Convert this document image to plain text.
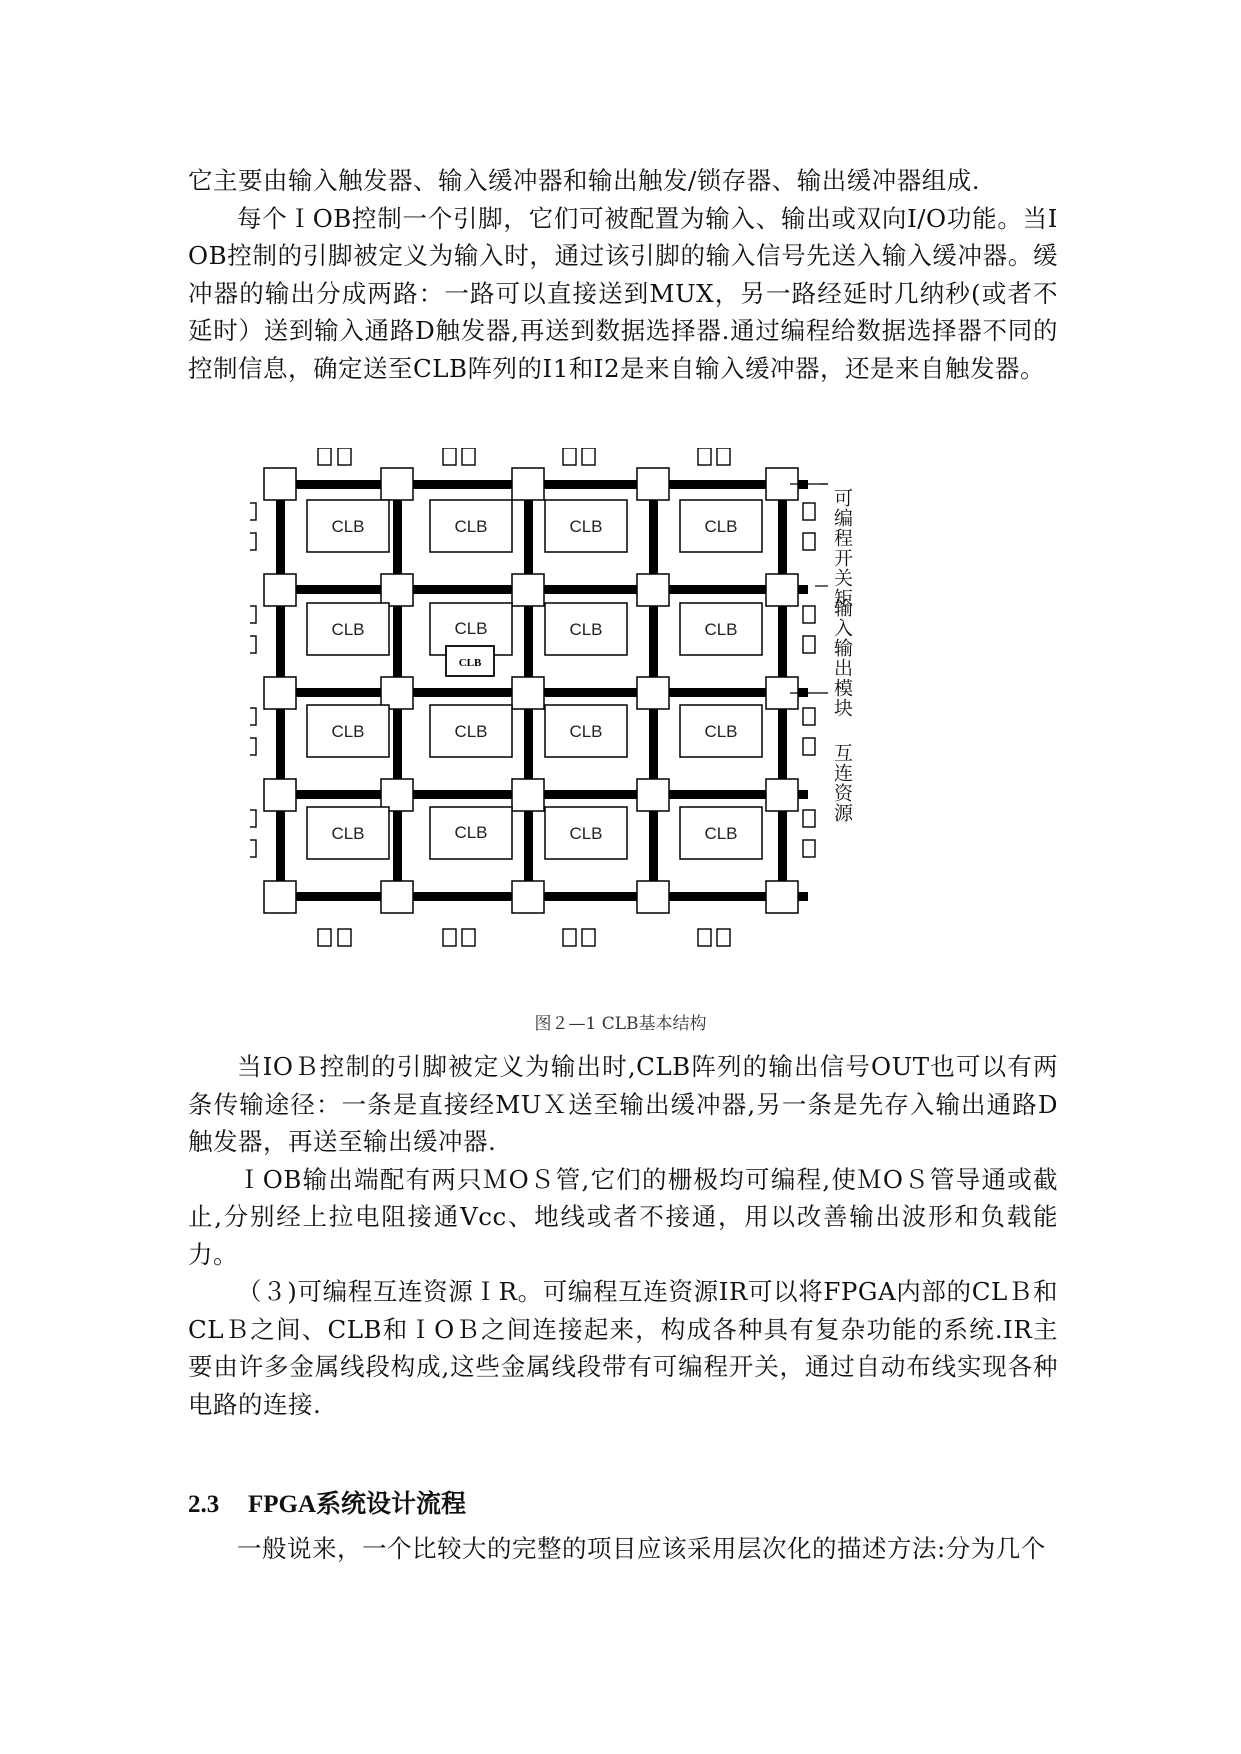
它主要由输入触发器、输入缓冲器和输出触发/锁存器、输出缓冲器组成.

每个ＩOB控制一个引脚，它们可被配置为输入、输出或双向I/O功能。当IOB控制的引脚被定义为输入时，通过该引脚的输入信号先送入输入缓冲器。缓冲器的输出分成两路：一路可以直接送到MUX，另一路经延时几纳秒(或者不延时）送到输入通路D触发器,再送到数据选择器.通过编程给数据选择器不同的控制信息，确定送至CLB阵列的I1和I2是来自输入缓冲器，还是来自触发器。

CLB	CLB	CLB	CLB
CLB	CLB	CLB	CLB
CLB	CLB	CLB	CLB
CLB	CLB	CLB	CLB
CLB
可编程开关矩
输入输出模块
互连资源
图２—1 CLB基本结构

当IOＢ控制的引脚被定义为输出时,CLB阵列的输出信号OUT也可以有两条传输途径：一条是直接经MUＸ送至输出缓冲器,另一条是先存入输出通路D触发器，再送至输出缓冲器.

ＩOB输出端配有两只ＭOＳ管,它们的栅极均可编程,使ＭOＳ管导通或截止,分别经上拉电阻接通Vcc、地线或者不接通，用以改善输出波形和负载能力。

（３)可编程互连资源ＩR。可编程互连资源IR可以将FPGA内部的CLＢ和CLＢ之间、CLB和ＩOＢ之间连接起来，构成各种具有复杂功能的系统.IR主要由许多金属线段构成,这些金属线段带有可编程开关，通过自动布线实现各种电路的连接.

2.3 FPGA系统设计流程

一般说来，一个比较大的完整的项目应该采用层次化的描述方法:分为几个
